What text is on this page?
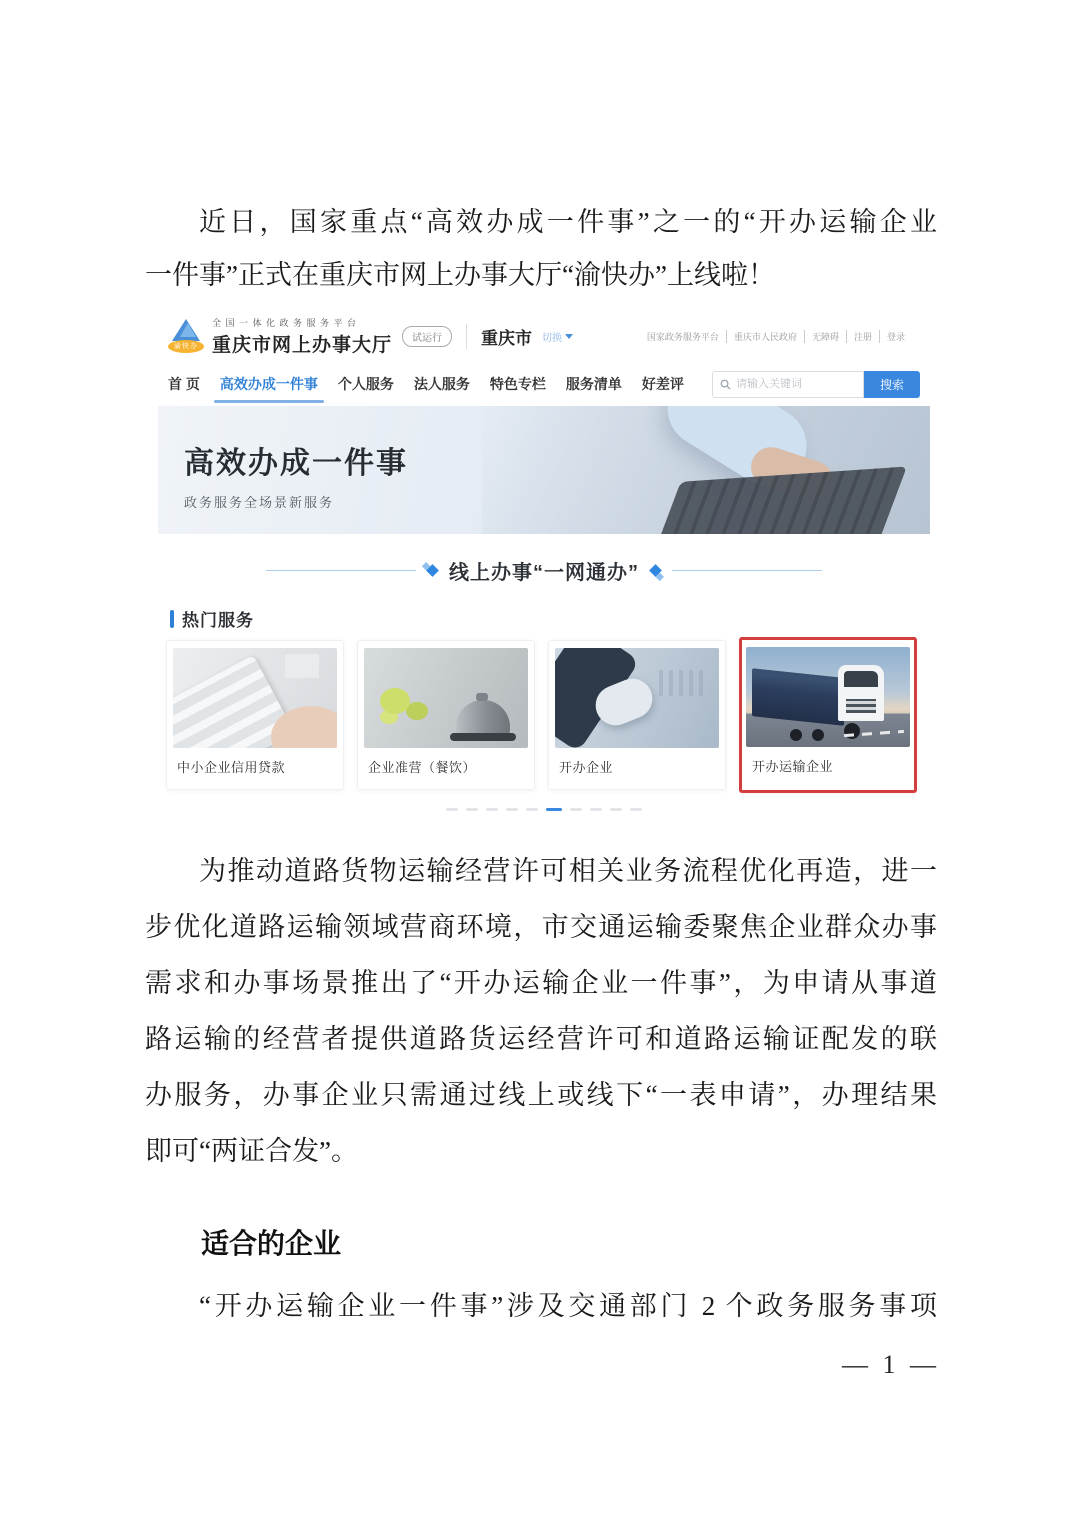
近日，国家重点“高效办成一件事”之一的“开办运输企业
一件事”正式在重庆市网上办事大厅“渝快办”上线啦！
渝快办
全国一体化政务服务平台
重庆市网上办事大厅	试运行	重庆市 切换	国家政务服务平台	重庆市人民政府	无障碍	注册	登录
首 页 高效办成一件事 个人服务 法人服务 特色专栏 服务清单 好差评
请输入关键词	搜索
高效办成一件事
政务服务全场景新服务
线上办事“一网通办”
热门服务
中小企业信用贷款	企业准营（餐饮）	开办企业	开办运输企业
为推动道路货物运输经营许可相关业务流程优化再造，进一
步优化道路运输领域营商环境，市交通运输委聚焦企业群众办事
需求和办事场景推出了“开办运输企业一件事”，为申请从事道
路运输的经营者提供道路货运经营许可和道路运输证配发的联
办服务，办事企业只需通过线上或线下“一表申请”，办理结果
即可“两证合发”。
适合的企业
“开办运输企业一件事”涉及交通部门 2 个政务服务事项
— 1 —
